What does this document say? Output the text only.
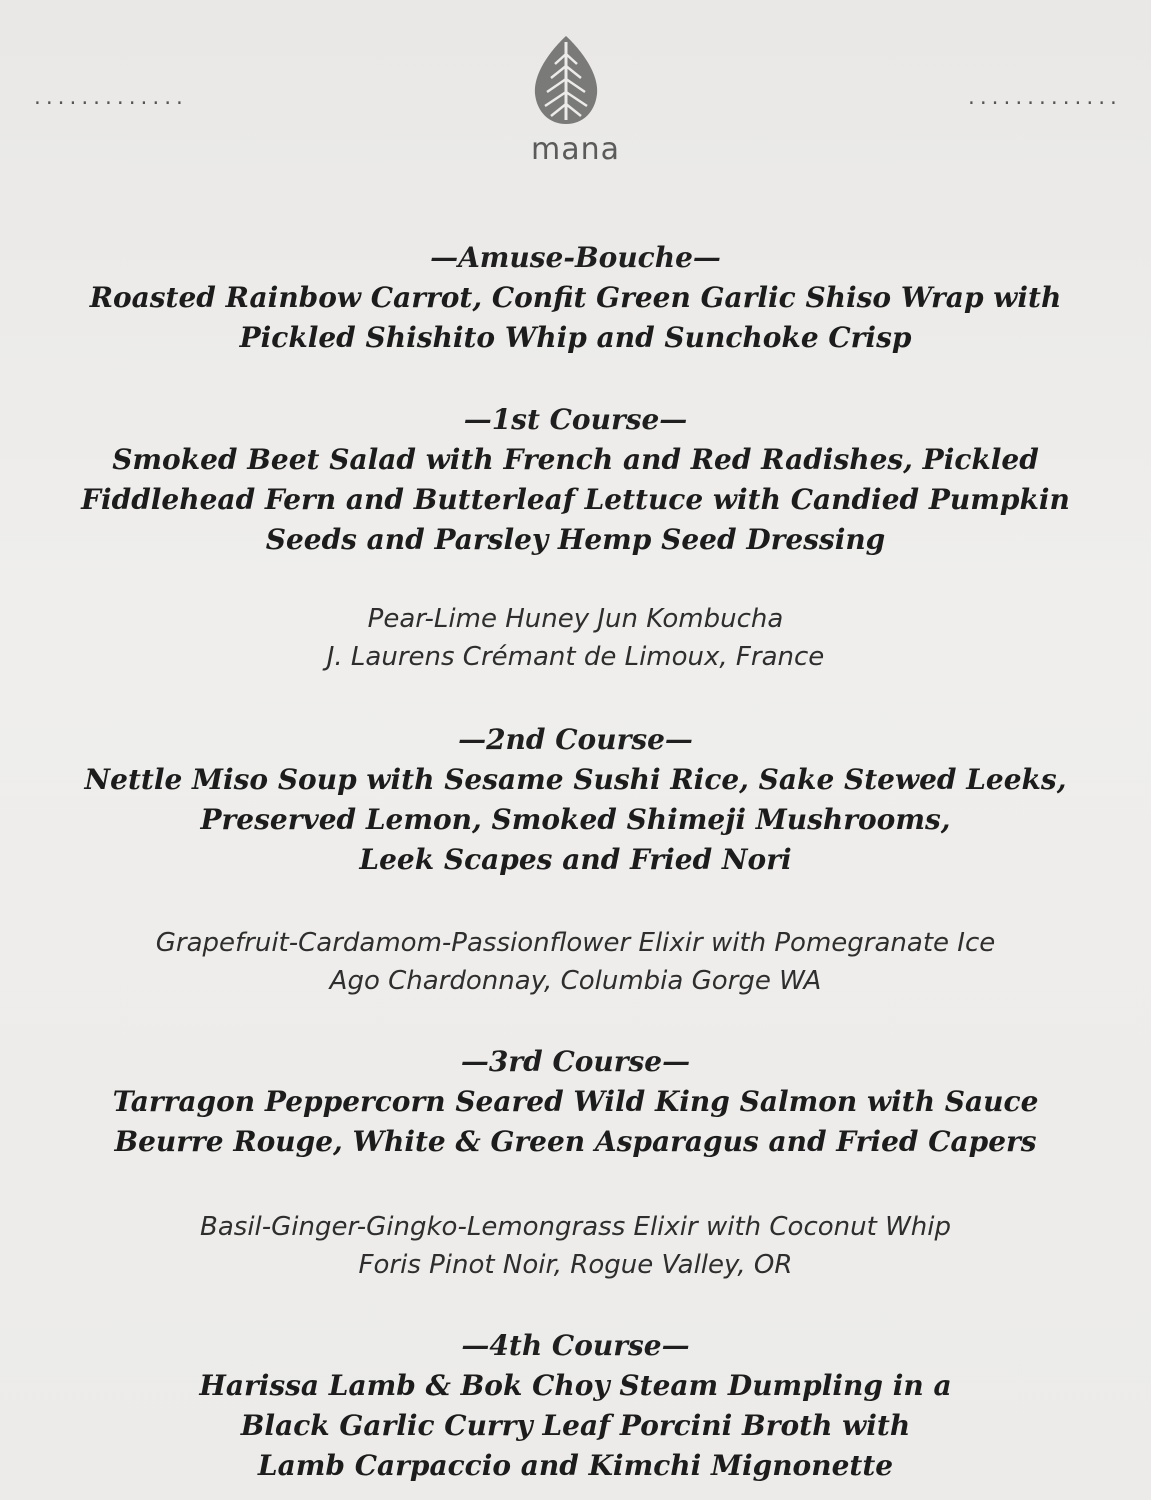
.............	.............
mana
—Amuse-Bouche—
Roasted Rainbow Carrot, Confit Green Garlic Shiso Wrap with
Pickled Shishito Whip and Sunchoke Crisp
—1st Course—
Smoked Beet Salad with French and Red Radishes, Pickled
Fiddlehead Fern and Butterleaf Lettuce with Candied Pumpkin
Seeds and Parsley Hemp Seed Dressing
Pear-Lime Huney Jun Kombucha
J. Laurens Crémant de Limoux, France
—2nd Course—
Nettle Miso Soup with Sesame Sushi Rice, Sake Stewed Leeks,
Preserved Lemon, Smoked Shimeji Mushrooms,
Leek Scapes and Fried Nori
Grapefruit-Cardamom-Passionflower Elixir with Pomegranate Ice
Ago Chardonnay, Columbia Gorge WA
—3rd Course—
Tarragon Peppercorn Seared Wild King Salmon with Sauce
Beurre Rouge, White & Green Asparagus and Fried Capers
Basil-Ginger-Gingko-Lemongrass Elixir with Coconut Whip
Foris Pinot Noir, Rogue Valley, OR
—4th Course—
Harissa Lamb & Bok Choy Steam Dumpling in a
Black Garlic Curry Leaf Porcini Broth with
Lamb Carpaccio and Kimchi Mignonette
